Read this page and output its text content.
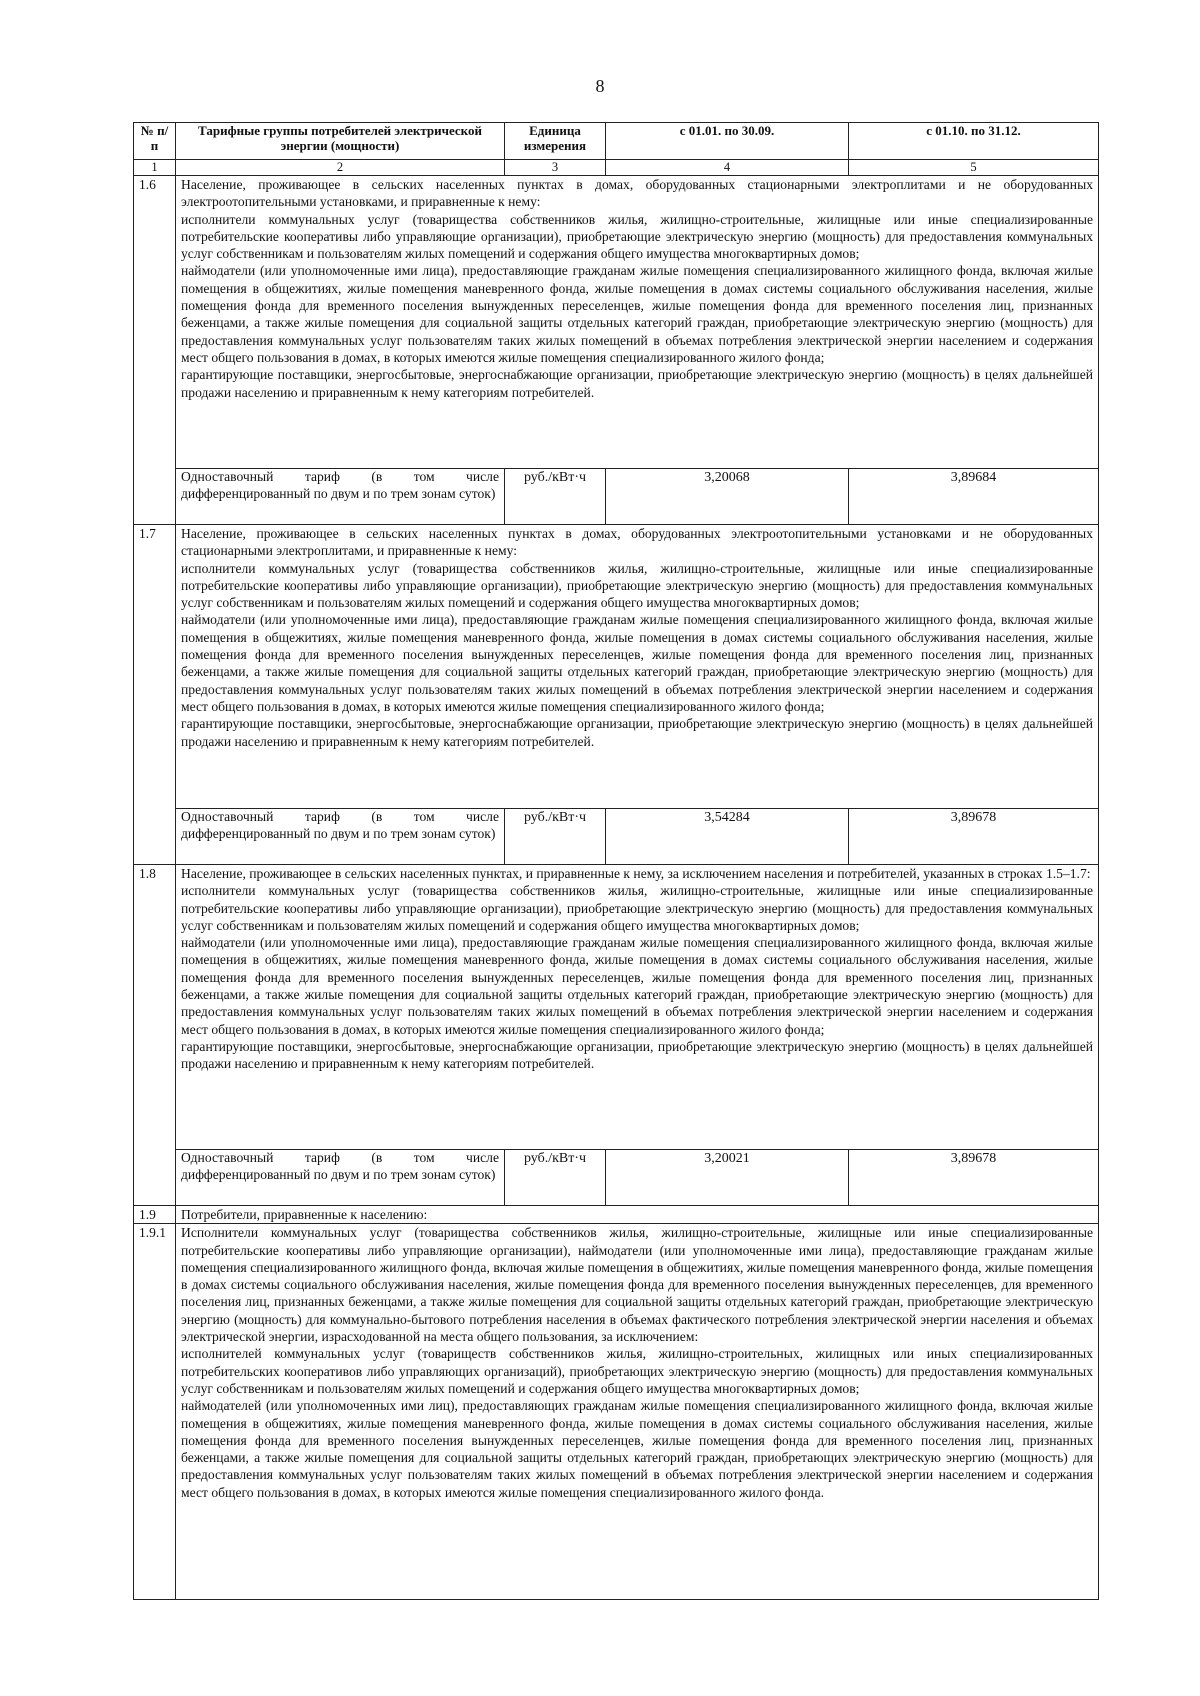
8
№ п/п	Тарифные группы потребителей электрической энергии (мощности)	Единица измерения	с 01.01. по 30.09.	с 01.10. по 31.12.
1	2	3	4	5
1.6	Население, проживающее в сельских населенных пунктах в домах, оборудованных стационарными электроплитами и не оборудованных электроотопительными установками, и приравненные к нему:
исполнители коммунальных услуг (товарищества собственников жилья, жилищно-строительные, жилищные или иные специализированные потребительские кооперативы либо управляющие организации), приобретающие электрическую энергию (мощность) для предоставления коммунальных услуг собственникам и пользователям жилых помещений и содержания общего имущества многоквартирных домов;
наймодатели (или уполномоченные ими лица), предоставляющие гражданам жилые помещения специализированного жилищного фонда, включая жилые помещения в общежитиях, жилые помещения маневренного фонда, жилые помещения в домах системы социального обслуживания населения, жилые помещения фонда для временного поселения вынужденных переселенцев, жилые помещения фонда для временного поселения лиц, признанных беженцами, а также жилые помещения для социальной защиты отдельных категорий граждан, приобретающие электрическую энергию (мощность) для предоставления коммунальных услуг пользователям таких жилых помещений в объемах потребления электрической энергии населением и содержания мест общего пользования в домах, в которых имеются жилые помещения специализированного жилого фонда;
гарантирующие поставщики, энергосбытовые, энергоснабжающие организации, приобретающие электрическую энергию (мощность) в целях дальнейшей продажи населению и приравненным к нему категориям потребителей.			

	Одноставочный тариф (в том числе дифференцированный по двум и по трем зонам суток)	руб./кВт·ч	3,20068	3,89684
1.7	Население, проживающее в сельских населенных пунктах в домах, оборудованных электроотопительными установками и не оборудованных стационарными электроплитами, и приравненные к нему:
исполнители коммунальных услуг (товарищества собственников жилья, жилищно-строительные, жилищные или иные специализированные потребительские кооперативы либо управляющие организации), приобретающие электрическую энергию (мощность) для предоставления коммунальных услуг собственникам и пользователям жилых помещений и содержания общего имущества многоквартирных домов;
наймодатели (или уполномоченные ими лица), предоставляющие гражданам жилые помещения специализированного жилищного фонда, включая жилые помещения в общежитиях, жилые помещения маневренного фонда, жилые помещения в домах системы социального обслуживания населения, жилые помещения фонда для временного поселения вынужденных переселенцев, жилые помещения фонда для временного поселения лиц, признанных беженцами, а также жилые помещения для социальной защиты отдельных категорий граждан, приобретающие электрическую энергию (мощность) для предоставления коммунальных услуг пользователям таких жилых помещений в объемах потребления электрической энергии населением и содержания мест общего пользования в домах, в которых имеются жилые помещения специализированного жилого фонда;
гарантирующие поставщики, энергосбытовые, энергоснабжающие организации, приобретающие электрическую энергию (мощность) в целях дальнейшей продажи населению и приравненным к нему категориям потребителей.			

	Одноставочный тариф (в том числе дифференцированный по двум и по трем зонам суток)	руб./кВт·ч	3,54284	3,89678
1.8	Население, проживающее в сельских населенных пунктах, и приравненные к нему, за исключением населения и потребителей, указанных в строках 1.5–1.7:
исполнители коммунальных услуг (товарищества собственников жилья, жилищно-строительные, жилищные или иные специализированные потребительские кооперативы либо управляющие организации), приобретающие электрическую энергию (мощность) для предоставления коммунальных услуг собственникам и пользователям жилых помещений и содержания общего имущества многоквартирных домов;
наймодатели (или уполномоченные ими лица), предоставляющие гражданам жилые помещения специализированного жилищного фонда, включая жилые помещения в общежитиях, жилые помещения маневренного фонда, жилые помещения в домах системы социального обслуживания населения, жилые помещения фонда для временного поселения вынужденных переселенцев, жилые помещения фонда для временного поселения лиц, признанных беженцами, а также жилые помещения для социальной защиты отдельных категорий граждан, приобретающие электрическую энергию (мощность) для предоставления коммунальных услуг пользователям таких жилых помещений в объемах потребления электрической энергии населением и содержания мест общего пользования в домах, в которых имеются жилые помещения специализированного жилого фонда;
гарантирующие поставщики, энергосбытовые, энергоснабжающие организации, приобретающие электрическую энергию (мощность) в целях дальнейшей продажи населению и приравненным к нему категориям потребителей.			

	Одноставочный тариф (в том числе дифференцированный по двум и по трем зонам суток)	руб./кВт·ч	3,20021	3,89678
1.9	Потребители, приравненные к населению:			
1.9.1	Исполнители коммунальных услуг (товарищества собственников жилья, жилищно-строительные, жилищные или иные специализированные потребительские кооперативы либо управляющие организации), наймодатели (или уполномоченные ими лица), предоставляющие гражданам жилые помещения специализированного жилищного фонда, включая жилые помещения в общежитиях, жилые помещения маневренного фонда, жилые помещения в домах системы социального обслуживания населения, жилые помещения фонда для временного поселения вынужденных переселенцев, для временного поселения лиц, признанных беженцами, а также жилые помещения для социальной защиты отдельных категорий граждан, приобретающие электрическую энергию (мощность) для коммунально-бытового потребления населения в объемах фактического потребления электрической энергии населения и объемах электрической энергии, израсходованной на места общего пользования, за исключением:
исполнителей коммунальных услуг (товариществ собственников жилья, жилищно-строительных, жилищных или иных специализированных потребительских кооперативов либо управляющих организаций), приобретающих электрическую энергию (мощность) для предоставления коммунальных услуг собственникам и пользователям жилых помещений и содержания общего имущества многоквартирных домов;
наймодателей (или уполномоченных ими лиц), предоставляющих гражданам жилые помещения специализированного жилищного фонда, включая жилые помещения в общежитиях, жилые помещения маневренного фонда, жилые помещения в домах системы социального обслуживания населения, жилые помещения фонда для временного поселения вынужденных переселенцев, жилые помещения фонда для временного поселения лиц, признанных беженцами, а также жилые помещения для социальной защиты отдельных категорий граждан, приобретающих электрическую энергию (мощность) для предоставления коммунальных услуг пользователям таких жилых помещений в объемах потребления электрической энергии населением и содержания мест общего пользования в домах, в которых имеются жилые помещения специализированного жилого фонда.			
